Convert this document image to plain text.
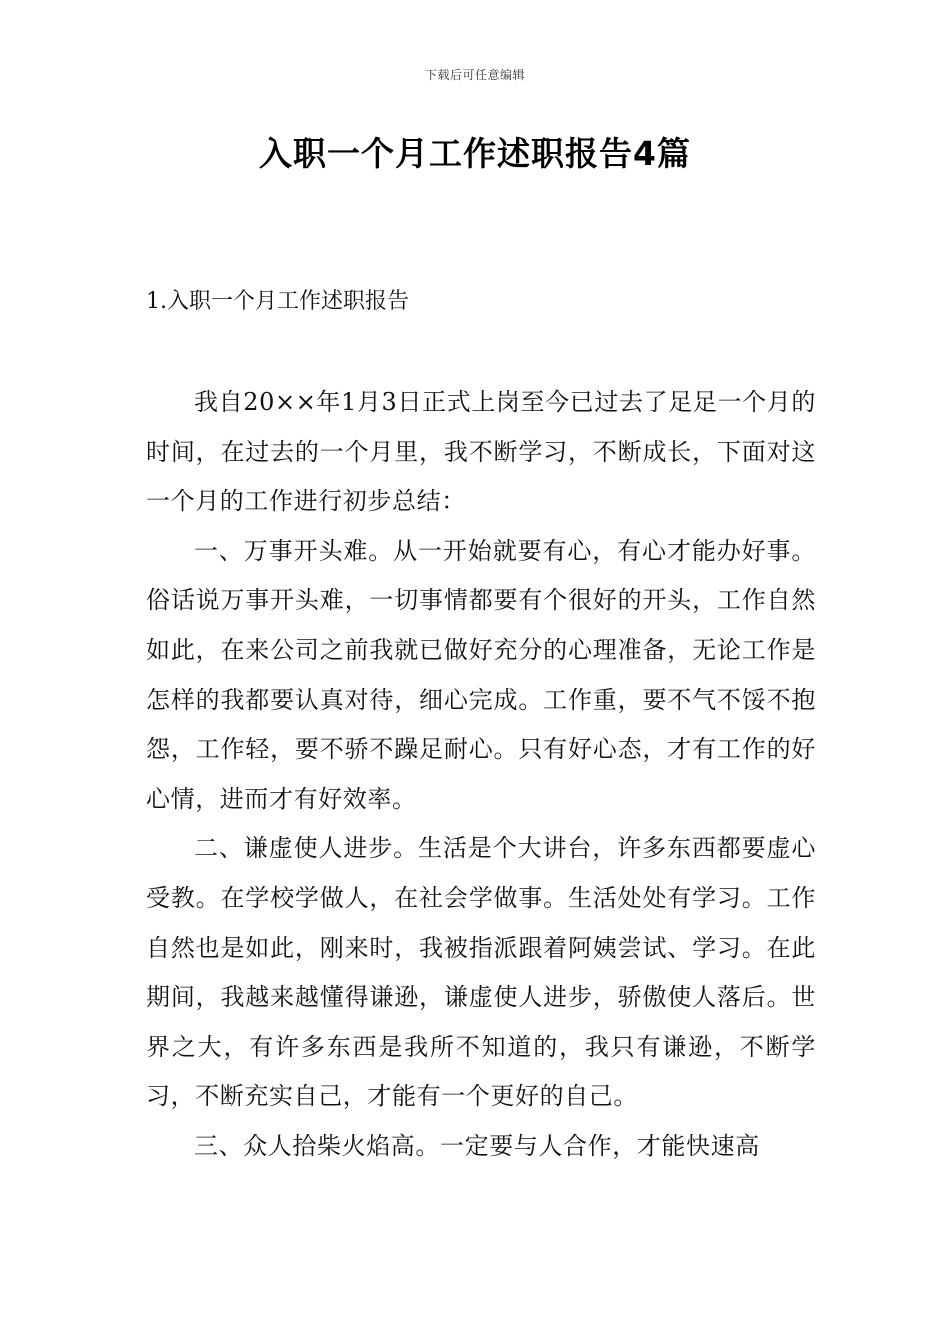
下载后可任意编辑
入职一个月工作述职报告4篇
1.入职一个月工作述职报告

我自20××年1月3日正式上岗至今已过去了足足一个月的时间，在过去的一个月里，我不断学习，不断成长，下面对这一个月的工作进行初步总结：

一、万事开头难。从一开始就要有心，有心才能办好事。俗话说万事开头难，一切事情都要有个很好的开头，工作自然如此，在来公司之前我就已做好充分的心理准备，无论工作是怎样的我都要认真对待，细心完成。工作重，要不气不馁不抱怨，工作轻，要不骄不躁足耐心。只有好心态，才有工作的好心情，进而才有好效率。

二、谦虚使人进步。生活是个大讲台，许多东西都要虚心受教。在学校学做人，在社会学做事。生活处处有学习。工作自然也是如此，刚来时，我被指派跟着阿姨尝试、学习。在此期间，我越来越懂得谦逊，谦虚使人进步，骄傲使人落后。世界之大，有许多东西是我所不知道的，我只有谦逊，不断学习，不断充实自己，才能有一个更好的自己。

三、众人拾柴火焰高。一定要与人合作，才能快速高
